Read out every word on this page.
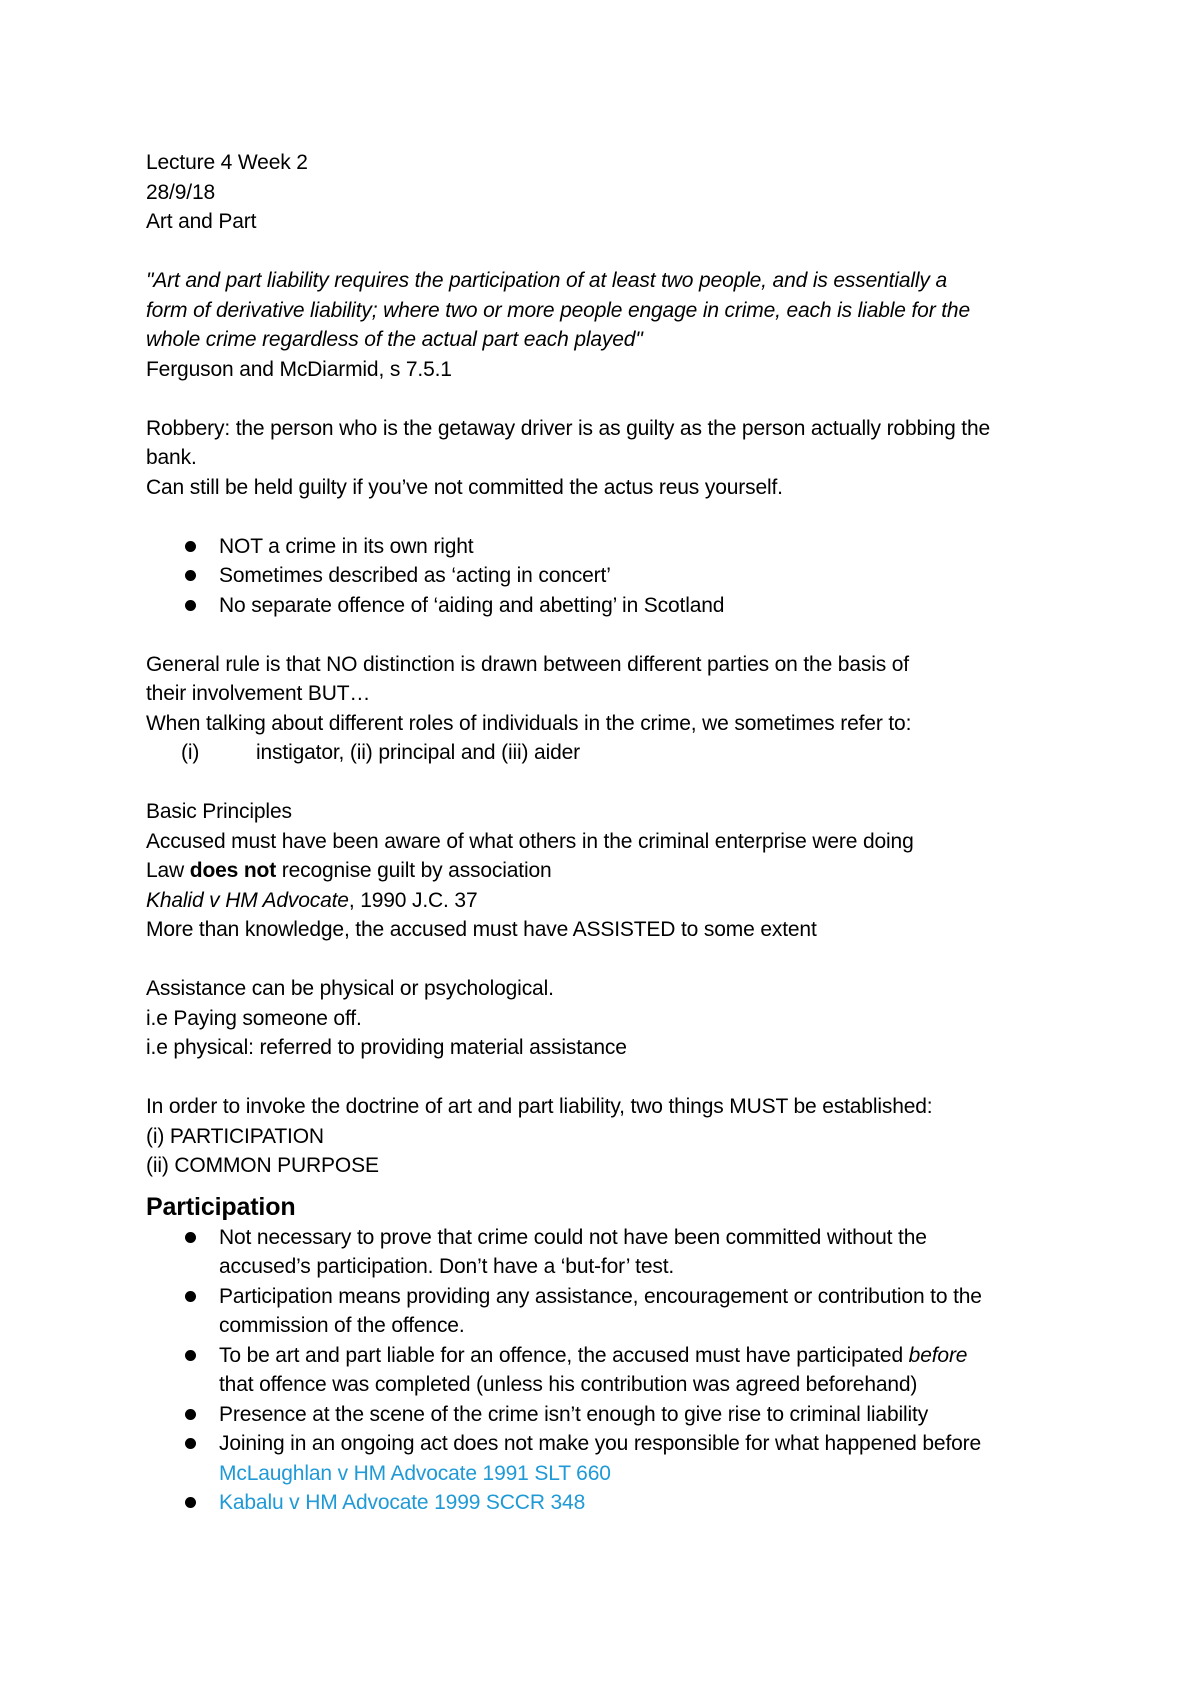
Lecture 4 Week 2
28/9/18
Art and Part
"Art and part liability requires the participation of at least two people, and is essentially a
form of derivative liability; where two or more people engage in crime, each is liable for the
whole crime regardless of the actual part each played"
Ferguson and McDiarmid, s 7.5.1
Robbery: the person who is the getaway driver is as guilty as the person actually robbing the
bank.
Can still be held guilty if you’ve not committed the actus reus yourself.
NOT a crime in its own right
Sometimes described as ‘acting in concert’
No separate offence of ‘aiding and abetting’ in Scotland
General rule is that NO distinction is drawn between different parties on the basis of
their involvement BUT…
When talking about different roles of individuals in the crime, we sometimes refer to:
(i)	instigator, (ii) principal and (iii) aider
Basic Principles
Accused must have been aware of what others in the criminal enterprise were doing
Law does not recognise guilt by association
Khalid v HM Advocate, 1990 J.C. 37
More than knowledge, the accused must have ASSISTED to some extent
Assistance can be physical or psychological.
i.e Paying someone off.
i.e physical: referred to providing material assistance
In order to invoke the doctrine of art and part liability, two things MUST be established:
(i) PARTICIPATION
(ii) COMMON PURPOSE
Participation
Not necessary to prove that crime could not have been committed without the
accused’s participation. Don’t have a ‘but-for’ test.
Participation means providing any assistance, encouragement or contribution to the
commission of the offence.
To be art and part liable for an offence, the accused must have participated before
that offence was completed (unless his contribution was agreed beforehand)
Presence at the scene of the crime isn’t enough to give rise to criminal liability
Joining in an ongoing act does not make you responsible for what happened before
McLaughlan v HM Advocate 1991 SLT 660
Kabalu v HM Advocate 1999 SCCR 348
